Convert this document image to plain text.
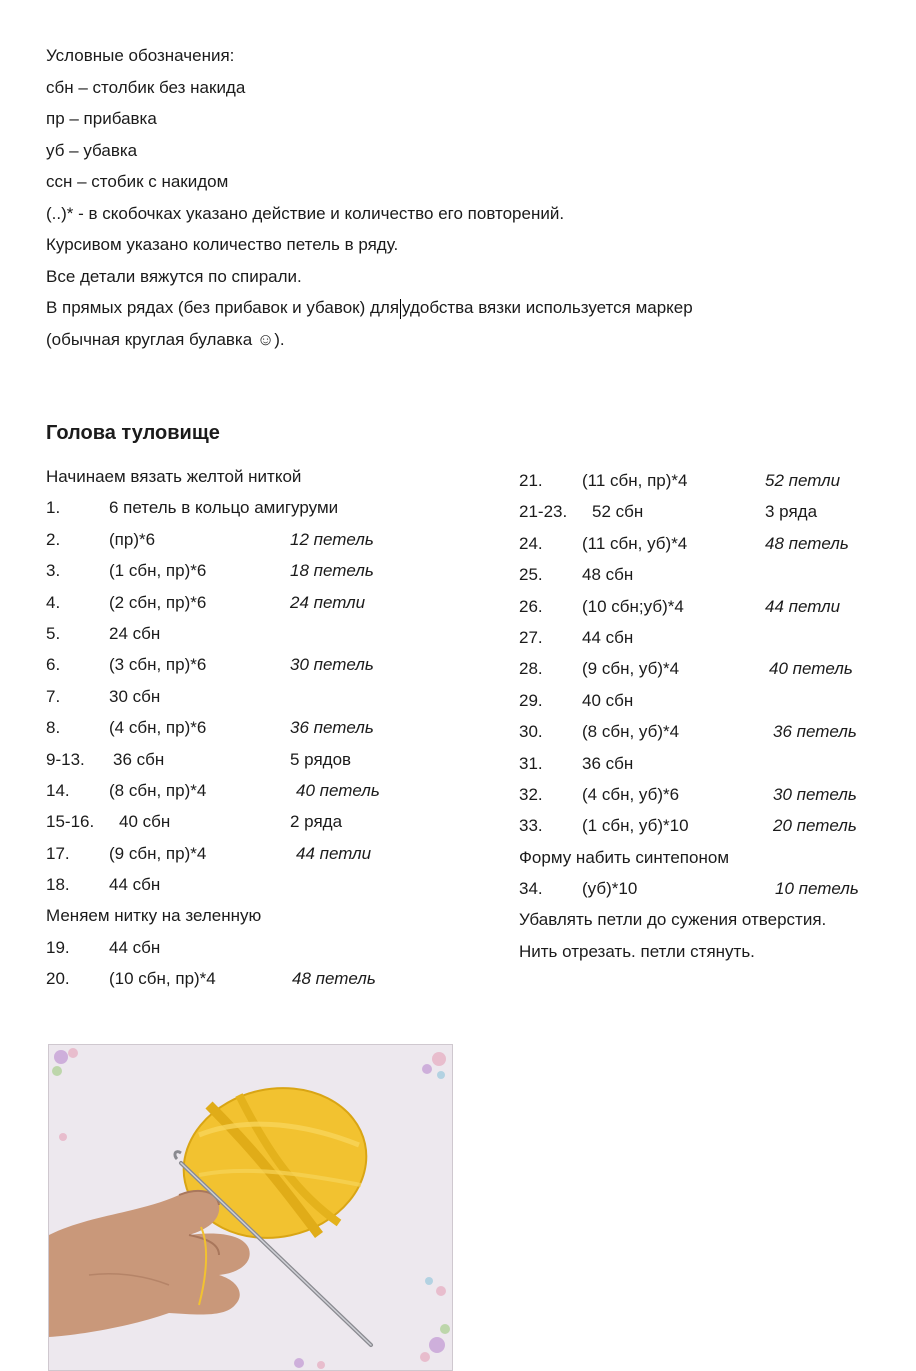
Условные обозначения:
сбн – столбик без накида
пр – прибавка
уб – убавка
ссн – стобик с накидом
(..)* - в скобочках указано действие и количество его повторений.
Курсивом указано количество петель в ряду.
Все детали вяжутся по спирали.
В прямых рядах (без прибавок и убавок) для удобства вязки используется маркер
(обычная круглая булавка ☺).
Голова туловище
Начинаем вязать желтой ниткой
1.	6 петель в кольцо амигуруми
2.	(пр)*6	12 петель
3.	(1 сбн, пр)*6	18 петель
4.	(2 сбн, пр)*6	24 петли
5.	24 сбн
6.	(3 сбн, пр)*6	30 петель
7.	30 сбн
8.	(4 сбн, пр)*6	36 петель
9-13. 36 сбн	5 рядов
14. (8 сбн, пр)*4	40 петель
15-16. 40 сбн	2 ряда
17. (9 сбн, пр)*4	44 петли
18. 44 сбн
Меняем нитку на зеленную
19. 44 сбн
20. (10 сбн, пр)*4	48 петель
21. (11 сбн, пр)*4	52 петли
21-23. 52 сбн	3 ряда
24. (11 сбн, уб)*4	48 петель
25. 48 сбн
26. (10 сбн;уб)*4	44 петли
27. 44 сбн
28. (9 сбн, уб)*4	40 петель
29. 40 сбн
30. (8 сбн, уб)*4	36 петель
31. 36 сбн
32. (4 сбн, уб)*6	30 петель
33. (1 сбн, уб)*10	20 петель
Форму набить синтепоном
34. (уб)*10	10 петель
Убавлять петли до сужения отверстия.
Нить отрезать. петли стянуть.
